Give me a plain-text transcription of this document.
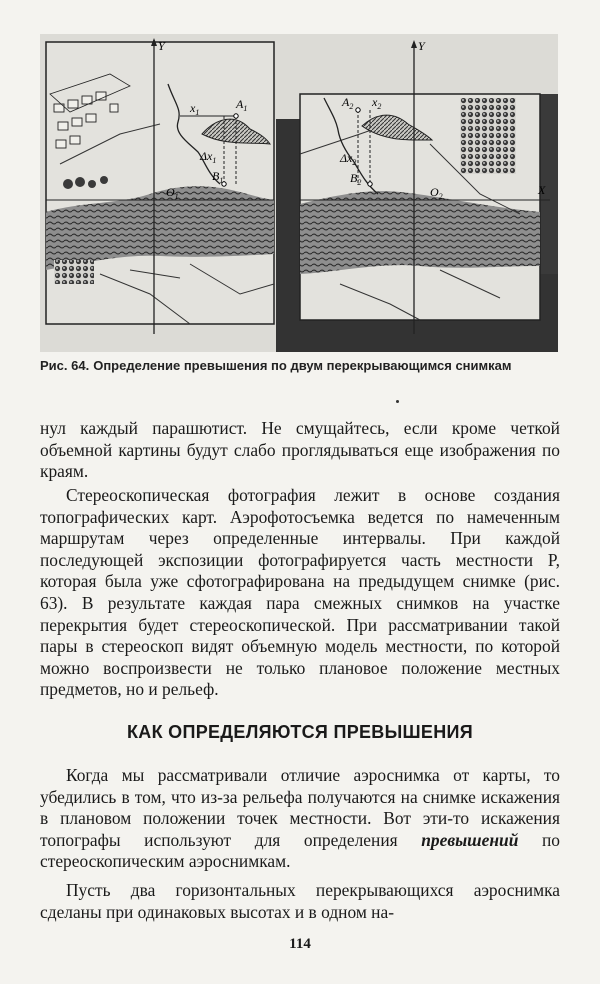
Y
$x_1$
$A_1$
$\Delta x_1$
$B_1$
$O_1$
Y
X
$A_2$ $x_2$
$\Delta x_2$
$B_2$
$O_2$
Рис. 64. Определение превышения по двум перекрывающимся снимкам

нул каждый парашютист. Не смущайтесь, если кроме четкой объемной картины будут слабо проглядываться еще изображения по краям.

Стереоскопическая фотография лежит в основе создания топографических карт. Аэрофотосъемка ведется по намеченным маршрутам через определенные интервалы. При каждой последующей экспозиции фотографируется часть местности P, которая была уже сфотографирована на предыдущем снимке (рис. 63). В результате каждая пара смежных снимков на участке перекрытия будет стереоскопической. При рассматривании такой пары в стереоскоп видят объемную модель местности, по которой можно воспроизвести не только плановое положение местных предметов, но и рельеф.

КАК ОПРЕДЕЛЯЮТСЯ ПРЕВЫШЕНИЯ

Когда мы рассматривали отличие аэроснимка от карты, то убедились в том, что из-за рельефа получаются на снимке искажения в плановом положении точек местности. Вот эти-то искажения топографы используют для определения превышений по стереоскопическим аэроснимкам.

Пусть два горизонтальных перекрывающихся аэроснимка сделаны при одинаковых высотах и в одном на-

114
